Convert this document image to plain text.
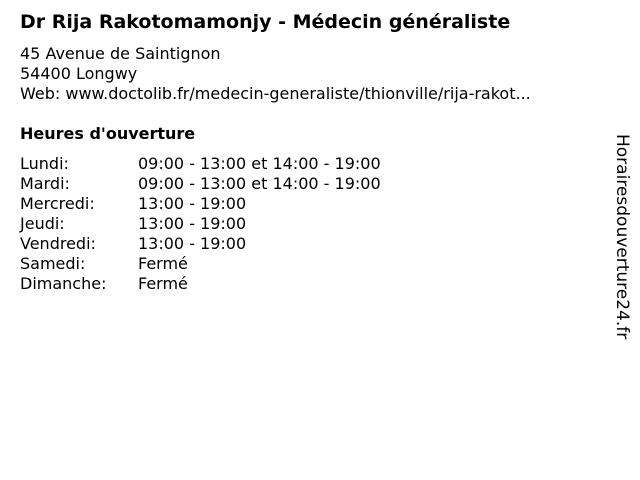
Dr Rija Rakotomamonjy - Médecin généraliste
45 Avenue de Saintignon
54400 Longwy
Web: www.doctolib.fr/medecin-generaliste/thionville/rija-rakot...
Heures d'ouverture
Lundi:	09:00 - 13:00 et 14:00 - 19:00
Mardi:	09:00 - 13:00 et 14:00 - 19:00
Mercredi:	13:00 - 19:00
Jeudi:	13:00 - 19:00
Vendredi:	13:00 - 19:00
Samedi:	Fermé
Dimanche:	Fermé	Horairesdouverture24.fr
